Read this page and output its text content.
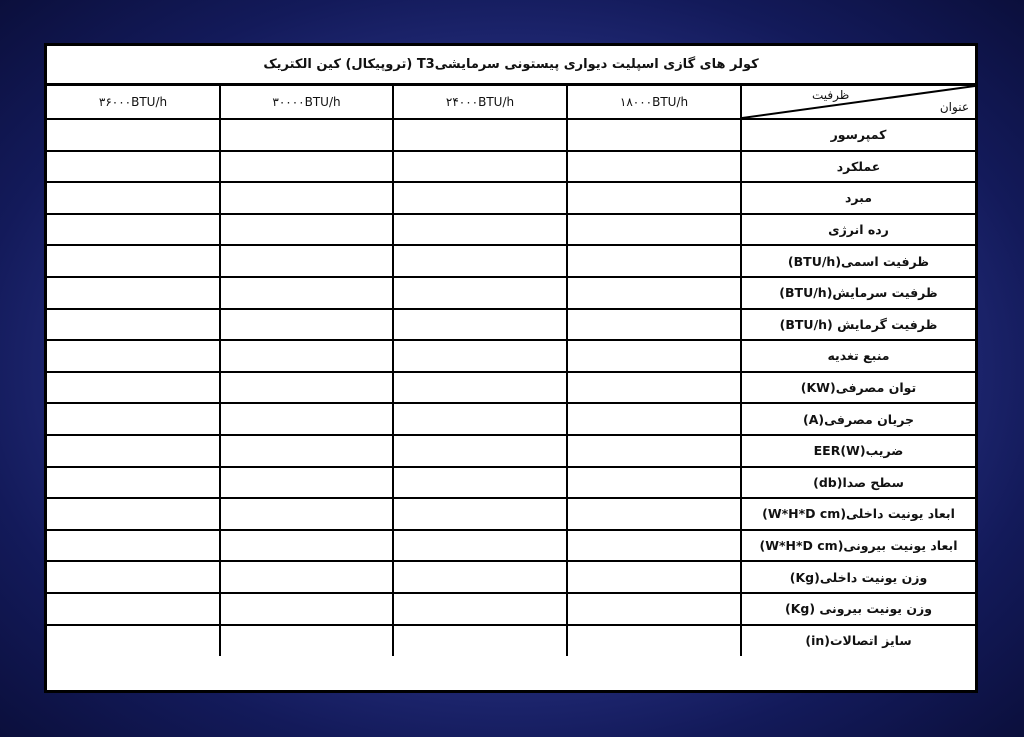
کولر های گازی اسپلیت دیواری پیستونی سرمایشیT3 (تروپیکال) کین الکتریک
۳۶۰۰۰BTU/h	۳۰۰۰۰BTU/h	۲۴۰۰۰BTU/h	۱۸۰۰۰BTU/h	ظرفیت
عنوان

				کمپرسور
				عملکرد
				مبرد
				رده انرژی
				ظرفیت اسمی(BTU/h)
				ظرفیت سرمایش(BTU/h)
				ظرفیت گرمایش (BTU/h)
				منبع تغدیه
				توان مصرفی(KW)
				جریان مصرفی(A)
				ضریبEER(W)
				سطح صدا(db)
				ابعاد یونیت داخلی(W*H*D cm)
				ابعاد یونیت بیرونی(W*H*D cm)
				وزن یونیت داخلی(Kg)
				وزن یونیت بیرونی (Kg)
				سایز اتصالات(in)
